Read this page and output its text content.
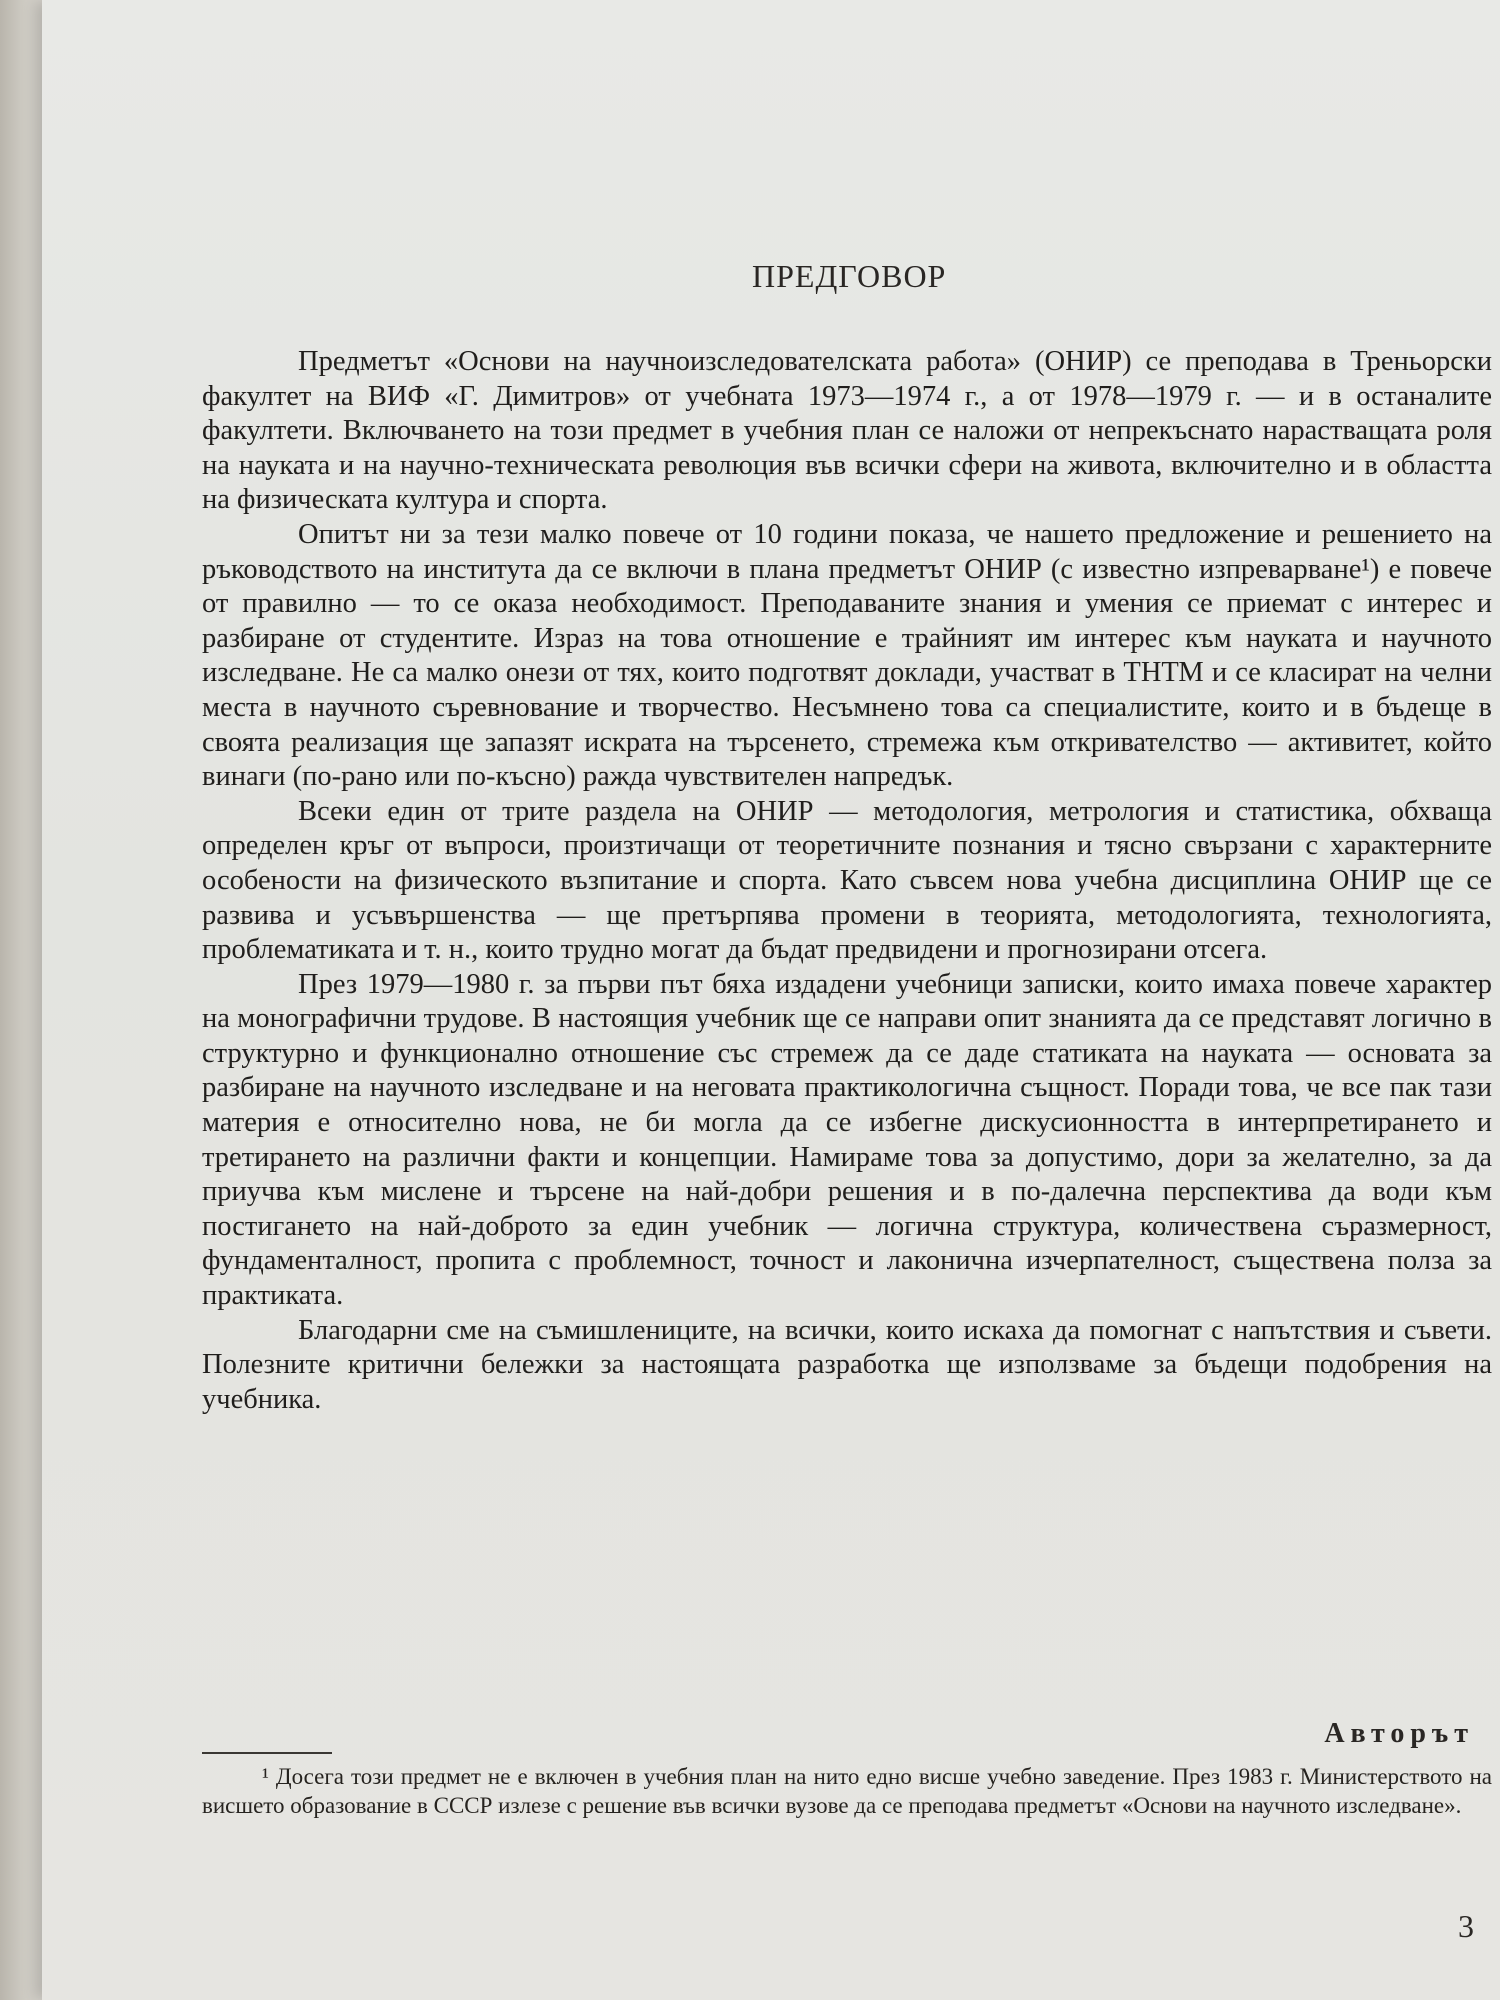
ПРЕДГОВОР

Предметът «Основи на научноизследователската работа» (ОНИР) се преподава в Треньорски факултет на ВИФ «Г. Димитров» от учебната 1973—1974 г., а от 1978—1979 г. — и в останалите факултети. Включването на този предмет в учебния план се наложи от непрекъснато нарастващата роля на науката и на научно-техническата революция във всички сфери на живота, включително и в областта на физическата култура и спорта.

Опитът ни за тези малко повече от 10 години показа, че нашето предложение и решението на ръководството на института да се включи в плана предметът ОНИР (с известно изпреварване¹) е повече от правилно — то се оказа необходимост. Преподаваните знания и умения се приемат с интерес и разбиране от студентите. Израз на това отношение е трайният им интерес към науката и научното изследване. Не са малко онези от тях, които подготвят доклади, участват в ТНТМ и се класират на челни места в научното съревнование и творчество. Несъмнено това са специалистите, които и в бъдеще в своята реализация ще запазят искрата на търсенето, стремежа към откривателство — активитет, който винаги (по-рано или по-късно) ражда чувствителен напредък.

Всеки един от трите раздела на ОНИР — методология, метрология и статистика, обхваща определен кръг от въпроси, произтичащи от теоретичните познания и тясно свързани с характерните особености на физическото възпитание и спорта. Като съвсем нова учебна дисциплина ОНИР ще се развива и усъвършенства — ще претърпява промени в теорията, методологията, технологията, проблематиката и т. н., които трудно могат да бъдат предвидени и прогнозирани отсега.

През 1979—1980 г. за първи път бяха издадени учебници записки, които имаха повече характер на монографични трудове. В настоящия учебник ще се направи опит знанията да се представят логично в структурно и функционално отношение със стремеж да се даде статиката на науката — основата за разбиране на научното изследване и на неговата практикологична същност. Поради това, че все пак тази материя е относително нова, не би могла да се избегне дискусионността в интерпретирането и третирането на различни факти и концепции. Намираме това за допустимо, дори за желателно, за да приучва към мислене и търсене на най-добри решения и в по-далечна перспектива да води към постигането на най-доброто за един учебник — логична структура, количествена съразмерност, фундаменталност, пропита с проблемност, точност и лаконична изчерпателност, съществена полза за практиката.

Благодарни сме на съмишлениците, на всички, които искаха да помогнат с напътствия и съвети. Полезните критични бележки за настоящата разработка ще използваме за бъдещи подобрения на учебника.

Авторът
¹ Досега този предмет не е включен в учебния план на нито едно висше учебно заведение. През 1983 г. Министерството на висшето образование в СССР излезе с решение във всички вузове да се преподава предметът «Основи на научното изследване».
3
